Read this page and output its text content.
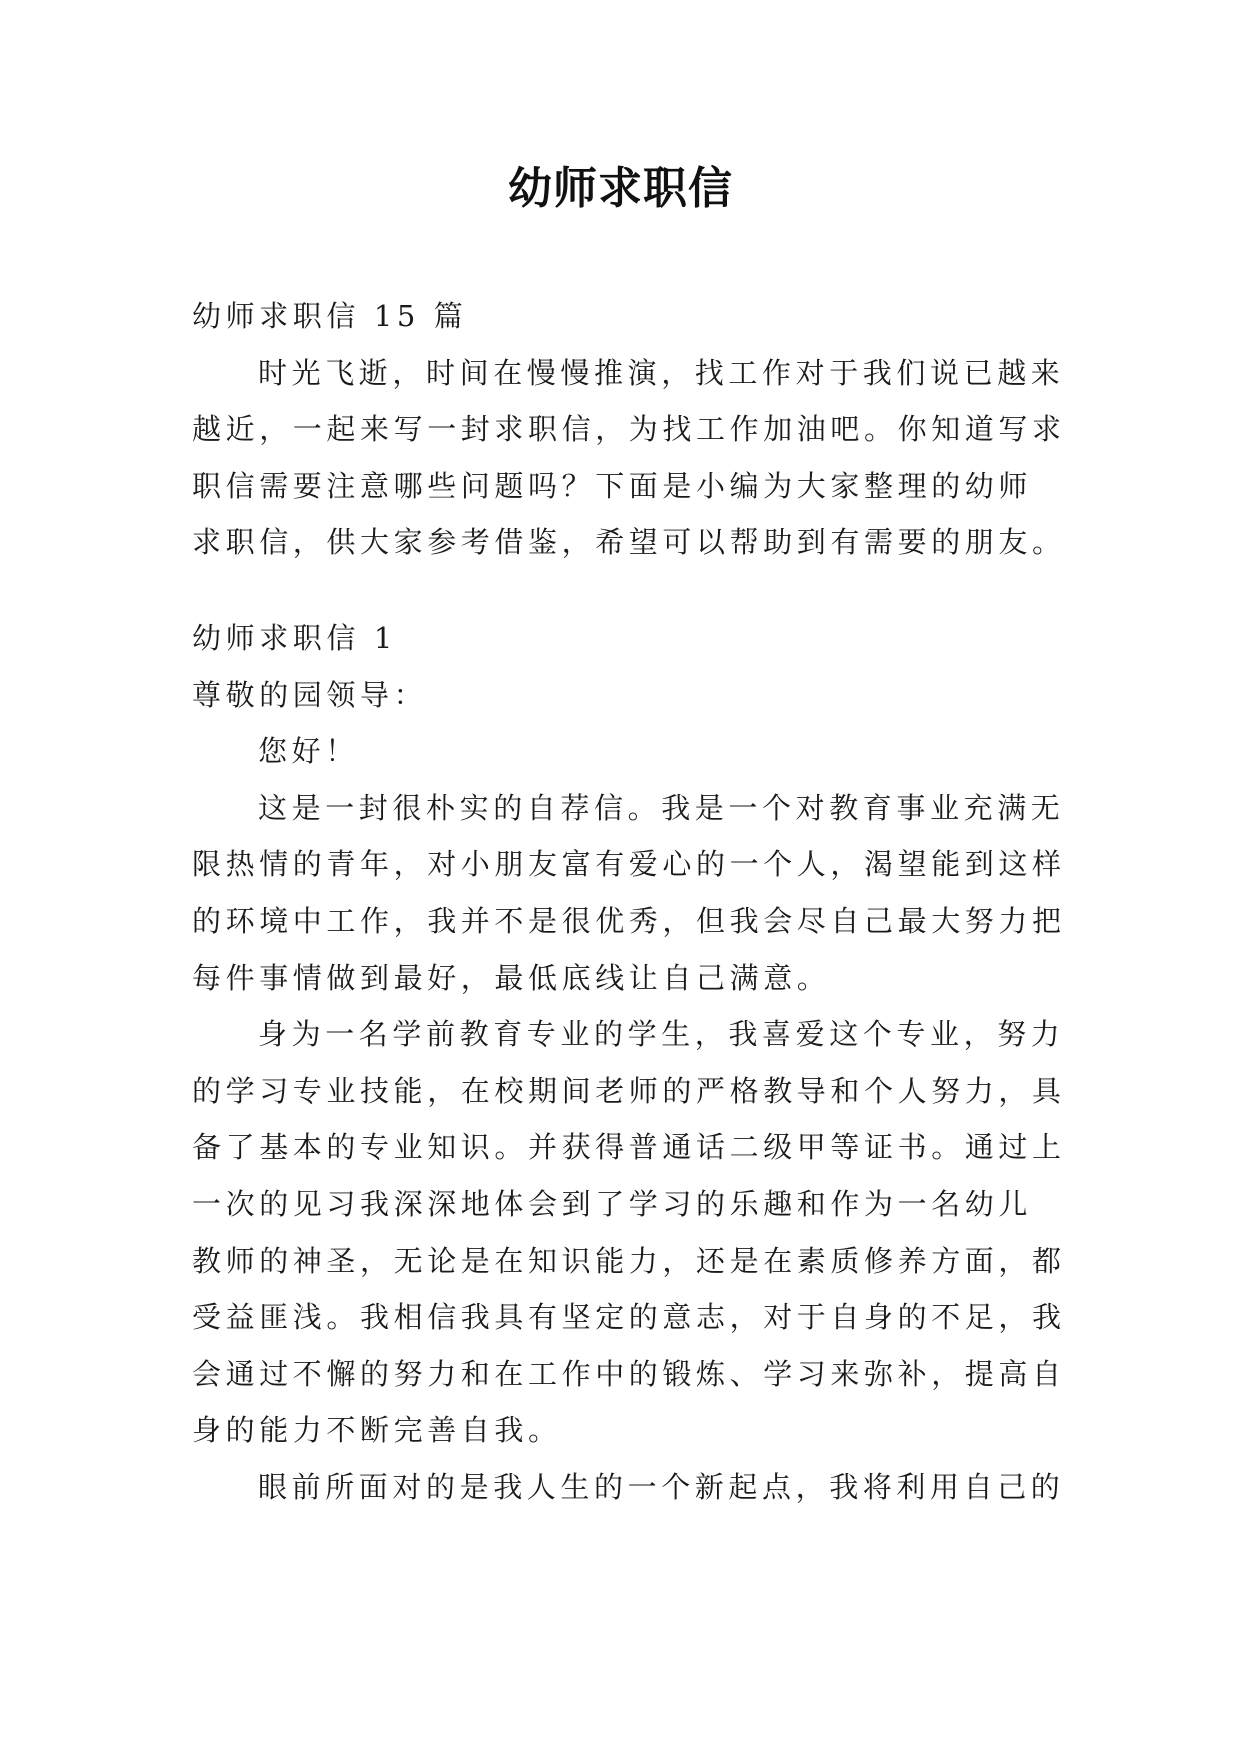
幼师求职信
幼师求职信 15 篇
时光飞逝，时间在慢慢推演，找工作对于我们说已越来
越近，一起来写一封求职信，为找工作加油吧。你知道写求
职信需要注意哪些问题吗？下面是小编为大家整理的幼师
求职信，供大家参考借鉴，希望可以帮助到有需要的朋友。
幼师求职信 1
尊敬的园领导：
您好！
这是一封很朴实的自荐信。我是一个对教育事业充满无
限热情的青年，对小朋友富有爱心的一个人，渴望能到这样
的环境中工作，我并不是很优秀，但我会尽自己最大努力把
每件事情做到最好，最低底线让自己满意。
身为一名学前教育专业的学生，我喜爱这个专业，努力
的学习专业技能，在校期间老师的严格教导和个人努力，具
备了基本的专业知识。并获得普通话二级甲等证书。通过上
一次的见习我深深地体会到了学习的乐趣和作为一名幼儿
教师的神圣，无论是在知识能力，还是在素质修养方面，都
受益匪浅。我相信我具有坚定的意志，对于自身的不足，我
会通过不懈的努力和在工作中的锻炼、学习来弥补，提高自
身的能力不断完善自我。
眼前所面对的是我人生的一个新起点，我将利用自己的
